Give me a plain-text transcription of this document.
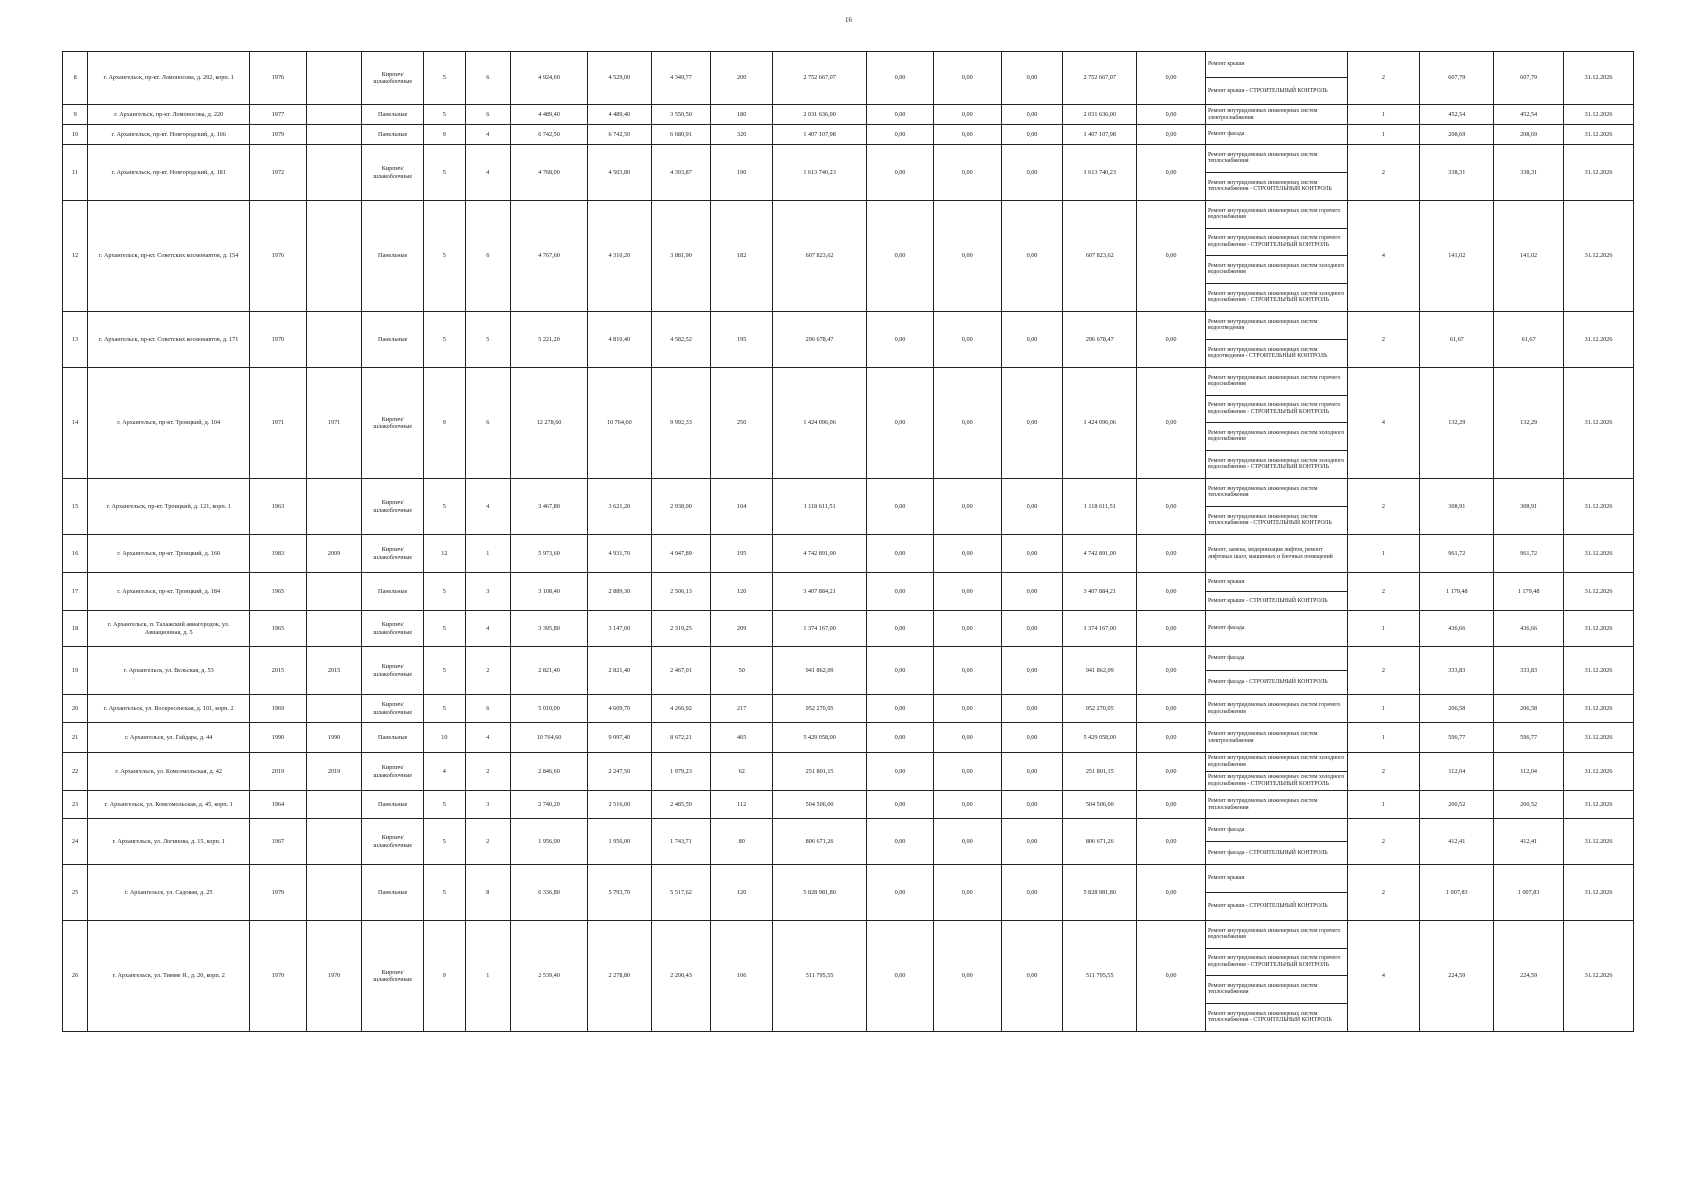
16
8	г. Архангельск, пр-кт. Ломоносова, д. 202, корп. 1	1976		Кирпич/ шлакоблочные	5	6	4 924,60	4 529,00	4 349,77	200	2 752 667,07	0,00	0,00	0,00	2 752 667,07	0,00	Ремонт крыши
Ремонт крыши - СТРОИТЕЛЬНЫЙ КОНТРОЛЬ	2	607,79	607,79	31.12.2026
9	г. Архангельск, пр-кт. Ломоносова, д. 220	1977		Панельные	5	6	4 489,40	4 489,40	3 550,50	180	2 031 636,00	0,00	0,00	0,00	2 031 636,00	0,00	Ремонт внутридомовых инженерных систем электроснабжения	1	452,54	452,54	31.12.2026
10	г. Архангельск, пр-кт. Новгородский, д. 166	1979		Панельные	9	4	6 742,50	6 742,50	6 680,91	320	1 407 107,98	0,00	0,00	0,00	1 407 107,98	0,00	Ремонт фасада	1	208,69	208,69	31.12.2026
11	г. Архангельск, пр-кт. Новгородский, д. 181	1972		Кирпич/ шлакоблочные	5	4	4 768,00	4 503,80	4 393,87	190	1 613 740,23	0,00	0,00	0,00	1 613 740,23	0,00	Ремонт внутридомовых инженерных систем теплоснабжения
Ремонт внутридомовых инженерных систем теплоснабжения - СТРОИТЕЛЬНЫЙ КОНТРОЛЬ	2	338,31	338,31	31.12.2026
12	г. Архангельск, пр-кт. Советских космонавтов, д. 154	1976		Панельные	5	6	4 767,60	4 310,20	3 881,90	182	607 823,62	0,00	0,00	0,00	607 823,62	0,00	Ремонт внутридомовых инженерных систем горячего водоснабжения
Ремонт внутридомовых инженерных систем горячего водоснабжения - СТРОИТЕЛЬНЫЙ КОНТРОЛЬ
Ремонт внутридомовых инженерных систем холодного водоснабжения
Ремонт внутридомовых инженерных систем холодного водоснабжения - СТРОИТЕЛЬНЫЙ КОНТРОЛЬ	4	141,02	141,02	31.12.2026
13	г. Архангельск, пр-кт. Советских космонавтов, д. 171	1970		Панельные	5	5	5 221,20	4 810,40	4 582,52	195	296 678,47	0,00	0,00	0,00	296 678,47	0,00	Ремонт внутридомовых инженерных систем водоотведения
Ремонт внутридомовых инженерных систем водоотведения - СТРОИТЕЛЬНЫЙ КОНТРОЛЬ	2	61,67	61,67	31.12.2026
14	г. Архангельск, пр-кт. Троицкий, д. 104	1971	1971	Кирпич/ шлакоблочные	9	6	12 278,60	10 764,60	9 992,33	250	1 424 096,06	0,00	0,00	0,00	1 424 096,06	0,00	Ремонт внутридомовых инженерных систем горячего водоснабжения
Ремонт внутридомовых инженерных систем горячего водоснабжения - СТРОИТЕЛЬНЫЙ КОНТРОЛЬ
Ремонт внутридомовых инженерных систем холодного водоснабжения
Ремонт внутридомовых инженерных систем холодного водоснабжения - СТРОИТЕЛЬНЫЙ КОНТРОЛЬ	4	132,29	132,29	31.12.2026
15	г. Архангельск, пр-кт. Троицкий, д. 121, корп. 1	1963		Кирпич/ шлакоблочные	5	4	3 467,80	3 621,20	2 938,00	104	1 118 611,51	0,00	0,00	0,00	1 118 611,51	0,00	Ремонт внутридомовых инженерных систем теплоснабжения
Ремонт внутридомовых инженерных систем теплоснабжения - СТРОИТЕЛЬНЫЙ КОНТРОЛЬ	2	308,91	308,91	31.12.2026
16	г. Архангельск, пр-кт. Троицкий, д. 160	1983	2009	Кирпич/ шлакоблочные	12	1	5 973,60	4 931,70	4 947,89	195	4 742 891,00	0,00	0,00	0,00	4 742 891,00	0,00	Ремонт, замена, модернизация лифтов, ремонт лифтовых шахт, машинных и блочных помещений	1	961,72	961,72	31.12.2026
17	г. Архангельск, пр-кт. Троицкий, д. 184	1965		Панельные	5	3	3 108,40	2 889,30	2 506,13	120	3 407 884,21	0,00	0,00	0,00	3 407 884,21	0,00	Ремонт крыши
Ремонт крыши - СТРОИТЕЛЬНЫЙ КОНТРОЛЬ	2	1 179,48	1 179,48	31.12.2026
18	г. Архангельск, п. Талажский авиагородок, ул. Авиационная, д. 5	1965		Кирпич/ шлакоблочные	5	4	3 395,80	3 147,00	2 319,25	209	1 374 167,00	0,00	0,00	0,00	1 374 167,00	0,00	Ремонт фасада	1	436,66	436,66	31.12.2026
19	г. Архангельск, ул. Вельская, д. 53	2015	2015	Кирпич/ шлакоблочные	5	2	2 821,40	2 821,40	2 467,01	50	941 862,09	0,00	0,00	0,00	941 862,09	0,00	Ремонт фасада
Ремонт фасада - СТРОИТЕЛЬНЫЙ КОНТРОЛЬ	2	333,83	333,83	31.12.2026
20	г. Архангельск, ул. Воскресенская, д. 101, корп. 2	1969		Кирпич/ шлакоблочные	5	6	5 010,00	4 609,70	4 266,92	217	952 270,05	0,00	0,00	0,00	952 270,05	0,00	Ремонт внутридомовых инженерных систем горячего водоснабжения	1	206,58	206,58	31.12.2026
21	г. Архангельск, ул. Гайдара, д. 44	1990	1990	Панельные	10	4	10 764,60	9 097,40	8 672,21	465	5 429 058,00	0,00	0,00	0,00	5 429 058,00	0,00	Ремонт внутридомовых инженерных систем электроснабжения	1	596,77	596,77	31.12.2026
22	г. Архангельск, ул. Комсомольская, д. 42	2019	2019	Кирпич/ шлакоблочные	4	2	2 846,60	2 247,50	1 979,23	62	251 801,15	0,00	0,00	0,00	251 801,15	0,00	Ремонт внутридомовых инженерных систем холодного водоснабжения
Ремонт внутридомовых инженерных систем холодного водоснабжения - СТРОИТЕЛЬНЫЙ КОНТРОЛЬ	2	112,04	112,04	31.12.2026
23	г. Архангельск, ул. Комсомольская, д. 45, корп. 1	1964		Панельные	5	3	2 740,20	2 516,00	2 485,59	112	504 506,00	0,00	0,00	0,00	504 506,00	0,00	Ремонт внутридомовых инженерных систем теплоснабжения	1	200,52	200,52	31.12.2026
24	г. Архангельск, ул. Логинова, д. 15, корп. 1	1967		Кирпич/ шлакоблочные	5	2	1 956,00	1 956,00	1 743,71	80	806 671,26	0,00	0,00	0,00	806 671,26	0,00	Ремонт фасада
Ремонт фасада - СТРОИТЕЛЬНЫЙ КОНТРОЛЬ	2	412,41	412,41	31.12.2026
25	г. Архангельск, ул. Садовая, д. 25	1979		Панельные	5	8	6 336,80	5 793,70	5 517,62	120	5 828 981,80	0,00	0,00	0,00	5 828 981,80	0,00	Ремонт крыши
Ремонт крыши - СТРОИТЕЛЬНЫЙ КОНТРОЛЬ	2	1 007,83	1 007,83	31.12.2026
26	г. Архангельск, ул. Тимме Я., д. 20, корп. 2	1970	1970	Кирпич/ шлакоблочные	9	1	2 539,40	2 278,80	2 200,43	106	511 795,55	0,00	0,00	0,00	511 795,55	0,00	Ремонт внутридомовых инженерных систем горячего водоснабжения
Ремонт внутридомовых инженерных систем горячего водоснабжения - СТРОИТЕЛЬНЫЙ КОНТРОЛЬ
Ремонт внутридомовых инженерных систем теплоснабжения
Ремонт внутридомовых инженерных систем теплоснабжения - СТРОИТЕЛЬНЫЙ КОНТРОЛЬ	4	224,59	224,59	31.12.2026
